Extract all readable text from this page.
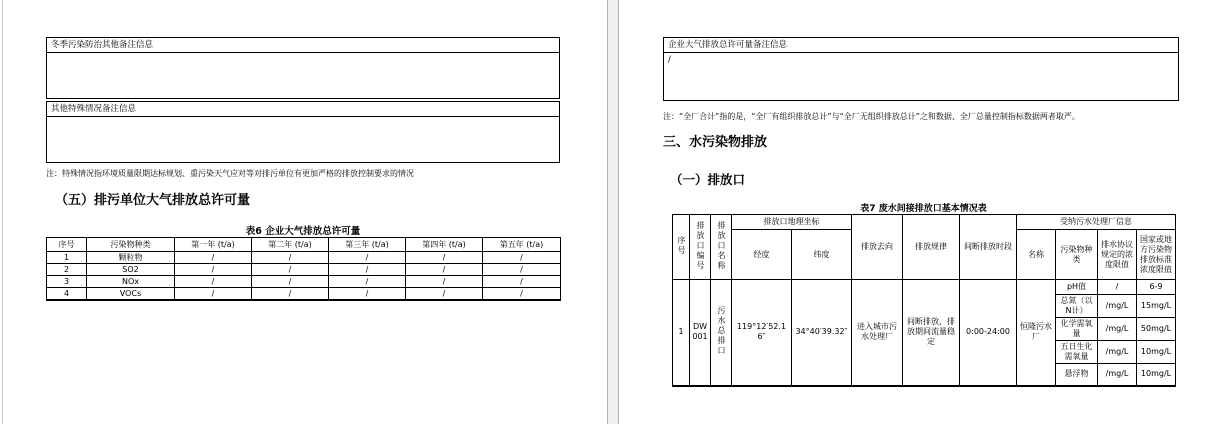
冬季污染防治其他备注信息
其他特殊情况备注信息
注：特殊情况指环境质量限期达标规划、重污染天气应对等对排污单位有更加严格的排放控制要求的情况
（五）排污单位大气排放总许可量
表6 企业大气排放总许可量
序号	污染物种类	第一年 (t/a)	第二年 (t/a)	第三年 (t/a)	第四年 (t/a)	第五年 (t/a)
1	颗粒物	/	/	/	/	/
2	SO2	/	/	/	/	/
3	NOx	/	/	/	/	/
4	VOCs	/	/	/	/	/
企业大气排放总许可量备注信息
/
注：“全厂合计”指的是，“全厂有组织排放总计”与“全厂无组织排放总计”之和数据、全厂总量控制指标数据两者取严。
三、水污染物排放
（一）排放口
表7 废水间接排放口基本情况表
序号	排放口编号	排放口名称	排放口地理坐标		排放去向	排放规律	间断排放时段	受纳污水处理厂信息			
			经度	纬度				名称	污染物种类	排水协议规定的浓度限值	国家或地方污染物排放标准浓度限值
1	DW001	污水总排口	119°12′52.16″	34°40′39.32″	进入城市污水处理厂	间断排放，排放期间流量稳定	0:00-24:00	恒隆污水厂	pH值	/	6-9
									总氮（以N计）	/mg/L	15mg/L
									化学需氧量	/mg/L	50mg/L
									五日生化需氧量	/mg/L	10mg/L
									悬浮物	/mg/L	10mg/L
